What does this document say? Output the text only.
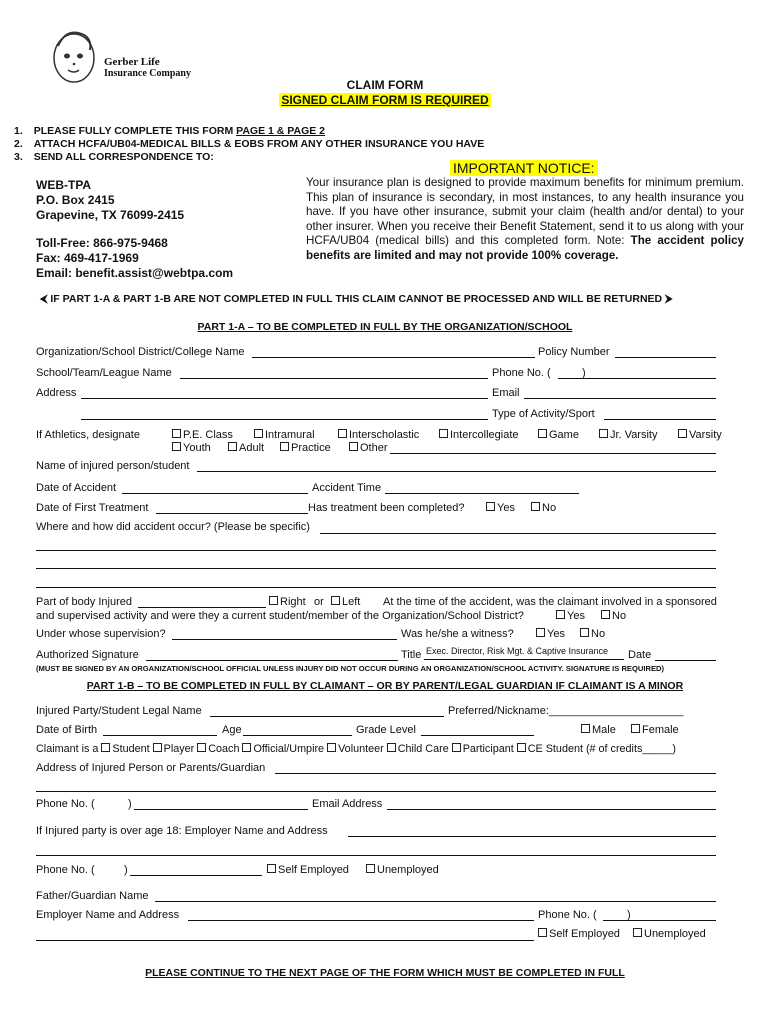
Gerber Life
Insurance Company
CLAIM FORM
SIGNED CLAIM FORM IS REQUIRED
1. PLEASE FULLY COMPLETE THIS FORM PAGE 1 & PAGE 2
2. ATTACH HCFA/UB04-MEDICAL BILLS & EOBS FROM ANY OTHER INSURANCE YOU HAVE
3. SEND ALL CORRESPONDENCE TO:
WEB-TPA
P.O. Box 2415
Grapevine, TX 76099-2415
Toll-Free: 866-975-9468
Fax: 469-417-1969
Email: benefit.assist@webtpa.com
IMPORTANT NOTICE:
Your insurance plan is designed to provide maximum benefits for minimum premium. This plan of insurance is secondary, in most instances, to any health insurance you have. If you have other insurance, submit your claim (health and/or dental) to your other insurer. When you receive their Benefit Statement, send it to us along with your HCFA/UB04 (medical bills) and this completed form. Note: The accident policy benefits are limited and may not provide 100% coverage.
⮜ IF PART 1-A & PART 1-B ARE NOT COMPLETED IN FULL THIS CLAIM CANNOT BE PROCESSED AND WILL BE RETURNED ⮞
PART 1-A – TO BE COMPLETED IN FULL BY THE ORGANIZATION/SCHOOL
Organization/School District/College Name	Policy Number
School/Team/League Name	Phone No. (	)
Address	Email
Type of Activity/Sport
If Athletics, designate	P.E. Class	Intramural	Interscholastic	Intercollegiate	Game	Jr. Varsity	Varsity
Youth	Adult	Practice	Other
Name of injured person/student
Date of Accident	Accident Time
Date of First Treatment	Has treatment been completed?	Yes	No
Where and how did accident occur? (Please be specific)
Part of body Injured	Right or	Left At the time of the accident, was the claimant involved in a sponsored
and supervised activity and were they a current student/member of the Organization/School District?	Yes	No
Under whose supervision?	Was he/she a witness?	Yes	No
Authorized Signature	Title Exec. Director, Risk Mgt. & Captive Insurance Date
(MUST BE SIGNED BY AN ORGANIZATION/SCHOOL OFFICIAL UNLESS INJURY DID NOT OCCUR DURING AN ORGANIZATION/SCHOOL ACTIVITY. SIGNATURE IS REQUIRED)
PART 1-B – TO BE COMPLETED IN FULL BY CLAIMANT – OR BY PARENT/LEGAL GUARDIAN IF CLAIMANT IS A MINOR
Injured Party/Student Legal Name	Preferred/Nickname:______________________
Date of Birth	Age	Grade Level	Male	Female
Claimant is a Student Player Coach Official/Umpire Volunteer Child Care Participant CE Student (# of credits_____)
Address of Injured Person or Parents/Guardian
Phone No. (	)	Email Address
If Injured party is over age 18: Employer Name and Address
Phone No. (	)	Self Employed	Unemployed
Father/Guardian Name
Employer Name and Address	Phone No. (	)
Self Employed	Unemployed
PLEASE CONTINUE TO THE NEXT PAGE OF THE FORM WHICH MUST BE COMPLETED IN FULL
